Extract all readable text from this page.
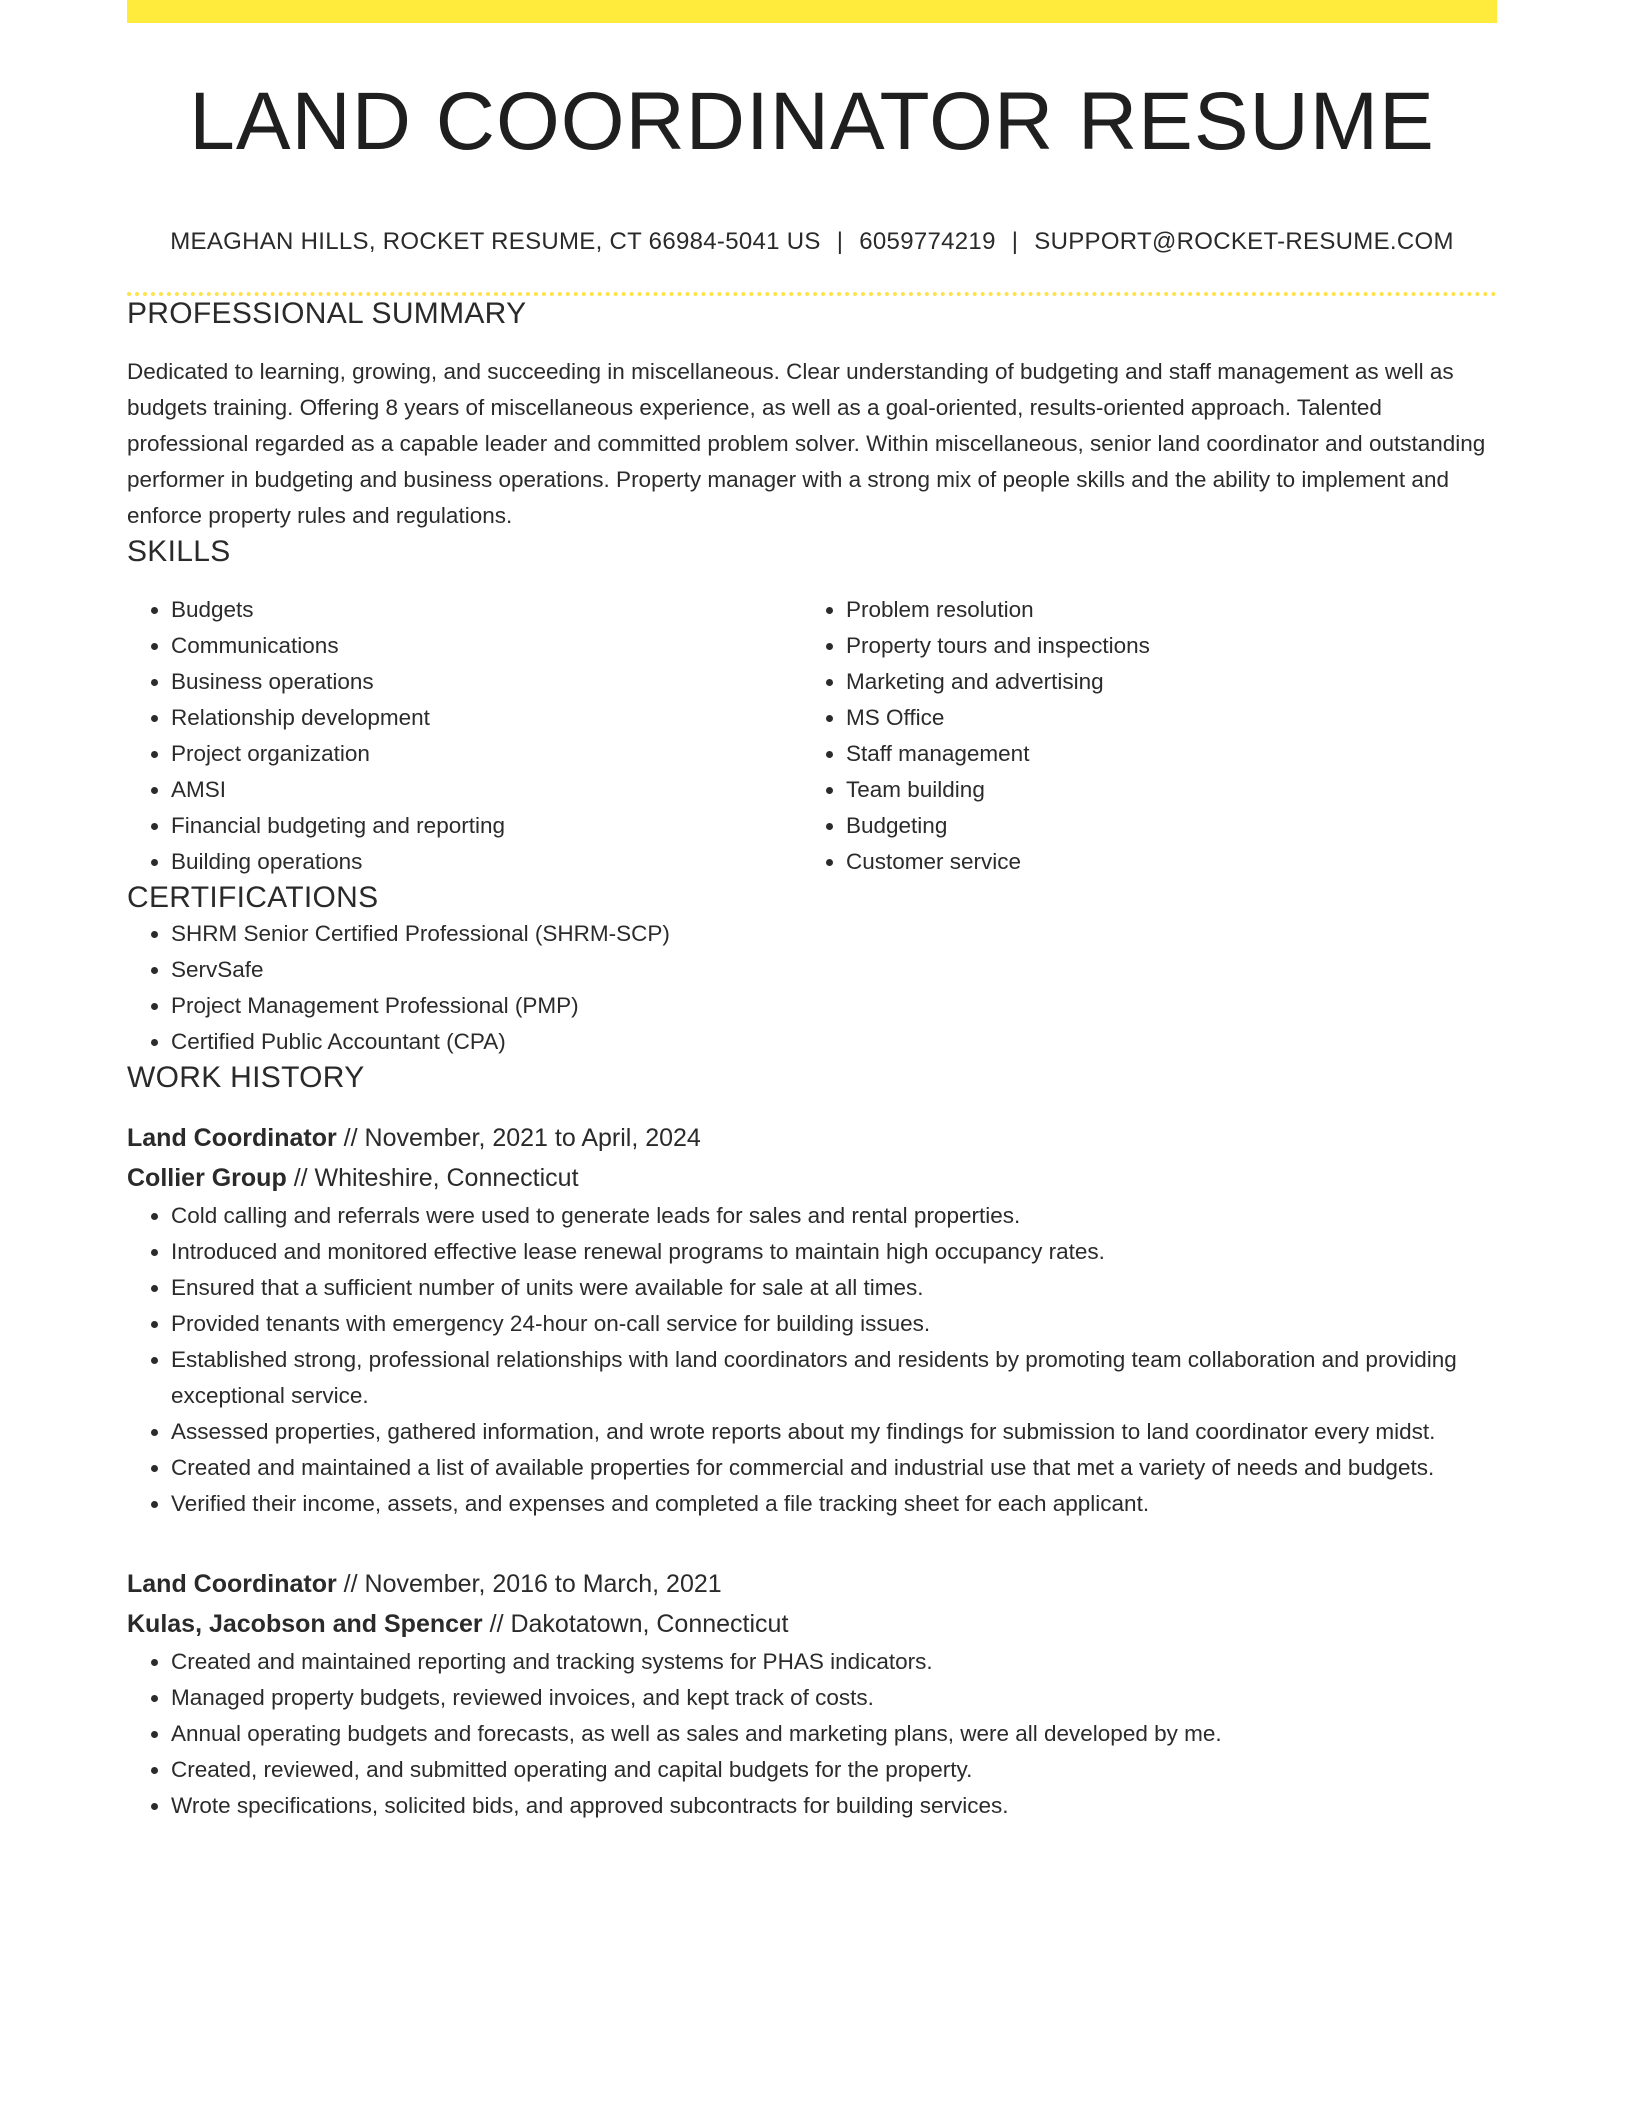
LAND COORDINATOR RESUME
MEAGHAN HILLS, ROCKET RESUME, CT 66984-5041 US | 6059774219 | SUPPORT@ROCKET-RESUME.COM
PROFESSIONAL SUMMARY

Dedicated to learning, growing, and succeeding in miscellaneous. Clear understanding of budgeting and staff management as well as budgets training. Offering 8 years of miscellaneous experience, as well as a goal-oriented, results-oriented approach. Talented professional regarded as a capable leader and committed problem solver. Within miscellaneous, senior land coordinator and outstanding performer in budgeting and business operations. Property manager with a strong mix of people skills and the ability to implement and enforce property rules and regulations.

SKILLS
• Budgets
• Communications
• Business operations
• Relationship development
• Project organization
• AMSI
• Financial budgeting and reporting
• Building operations
• Problem resolution
• Property tours and inspections
• Marketing and advertising
• MS Office
• Staff management
• Team building
• Budgeting
• Customer service
CERTIFICATIONS
• SHRM Senior Certified Professional (SHRM-SCP)
• ServSafe
• Project Management Professional (PMP)
• Certified Public Accountant (CPA)
WORK HISTORY
Land Coordinator // November, 2021 to April, 2024
Collier Group // Whiteshire, Connecticut
• Cold calling and referrals were used to generate leads for sales and rental properties.
• Introduced and monitored effective lease renewal programs to maintain high occupancy rates.
• Ensured that a sufficient number of units were available for sale at all times.
• Provided tenants with emergency 24-hour on-call service for building issues.
• Established strong, professional relationships with land coordinators and residents by promoting team collaboration and providing exceptional service.
• Assessed properties, gathered information, and wrote reports about my findings for submission to land coordinator every midst.
• Created and maintained a list of available properties for commercial and industrial use that met a variety of needs and budgets.
• Verified their income, assets, and expenses and completed a file tracking sheet for each applicant.
Land Coordinator // November, 2016 to March, 2021
Kulas, Jacobson and Spencer // Dakotatown, Connecticut
• Created and maintained reporting and tracking systems for PHAS indicators.
• Managed property budgets, reviewed invoices, and kept track of costs.
• Annual operating budgets and forecasts, as well as sales and marketing plans, were all developed by me.
• Created, reviewed, and submitted operating and capital budgets for the property.
• Wrote specifications, solicited bids, and approved subcontracts for building services.
